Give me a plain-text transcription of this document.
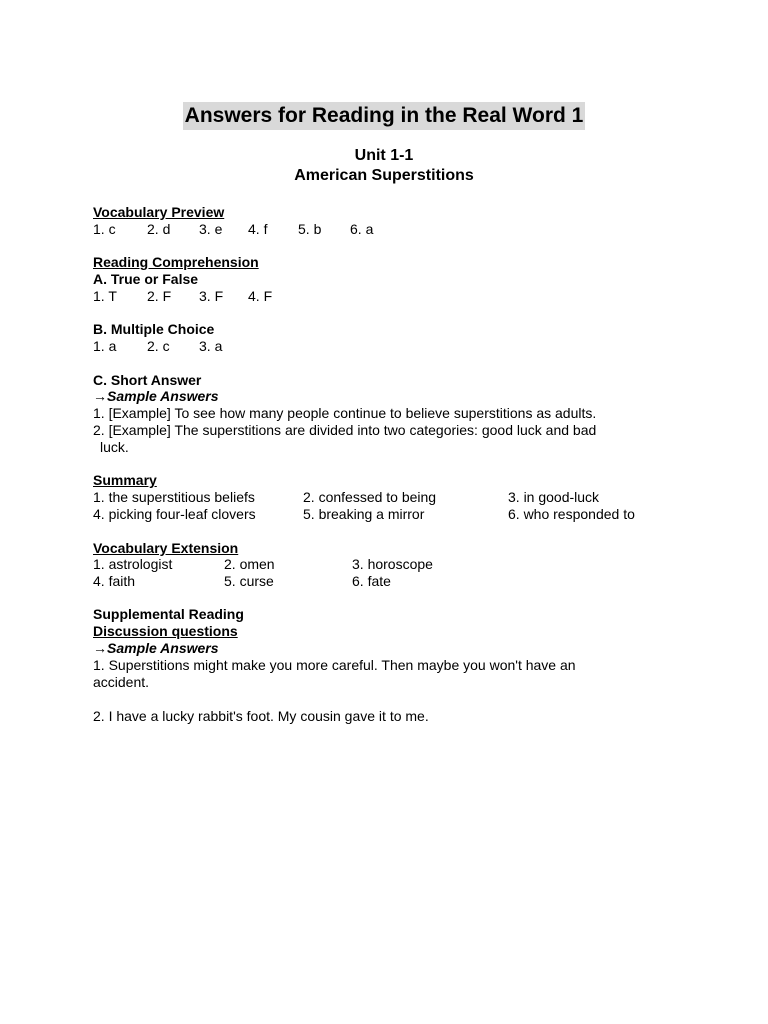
Answers for Reading in the Real Word 1
Unit 1-1
American Superstitions
Vocabulary Preview
1. c 2. d 3. e 4. f 5. b 6. a
Reading Comprehension
A. True or False
1. T 2. F 3. F 4. F
B. Multiple Choice
1. a 2. c 3. a
C. Short Answer
→Sample Answers
1. [Example] To see how many people continue to believe superstitions as adults.
2. [Example] The superstitions are divided into two categories: good luck and bad
luck.
Summary
1. the superstitious beliefs	2. confessed to being	3. in good-luck
4. picking four-leaf clovers	5. breaking a mirror	6. who responded to
Vocabulary Extension
1. astrologist	2. omen	3. horoscope
4. faith	5. curse	6. fate
Supplemental Reading
Discussion questions
→Sample Answers
1. Superstitions might make you more careful. Then maybe you won't have an
accident.
2. I have a lucky rabbit's foot. My cousin gave it to me.
